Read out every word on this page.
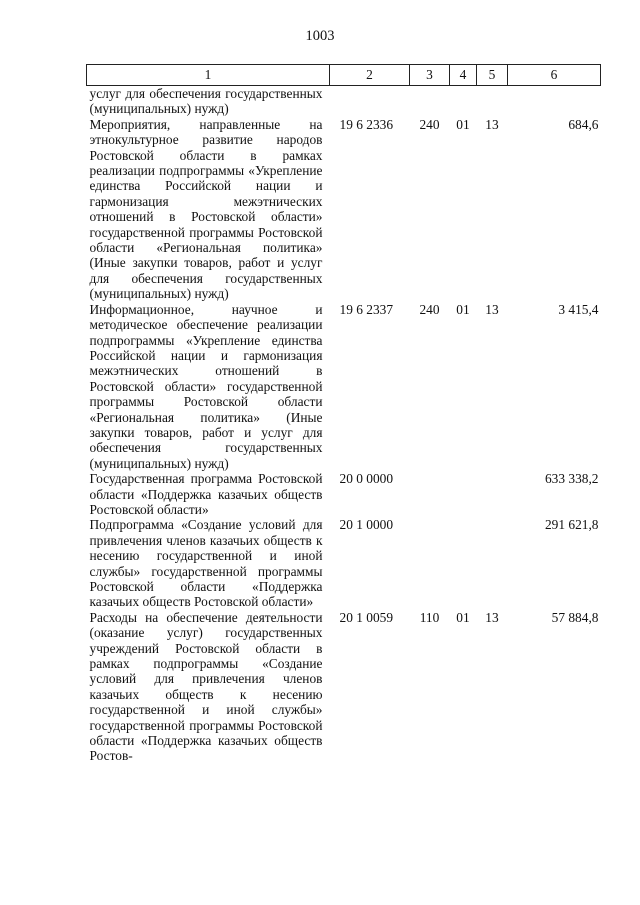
1003
1	2	3	4	5	6
услуг для обеспечения государственных (муниципальных) нужд)					
Мероприятия, направленные на этнокультурное развитие народов Ростовской области в рамках реализации подпрограммы «Укрепление единства Российской нации и гармонизация межэтнических отношений в Ростовской области» государственной программы Ростовской области «Региональная политика» (Иные закупки товаров, работ и услуг для обеспечения государственных (муниципальных) нужд)	19 6 2336	240	01	13	684,6
Информационное, научное и методическое обеспечение реализации подпрограммы «Укрепление единства Российской нации и гармонизация межэтнических отношений в Ростовской области» государственной программы Ростовской области «Региональная политика» (Иные закупки товаров, работ и услуг для обеспечения государственных (муниципальных) нужд)	19 6 2337	240	01	13	3 415,4
Государственная программа Ростовской области «Поддержка казачьих обществ Ростовской области»	20 0 0000				633 338,2
Подпрограмма «Создание условий для привлечения членов казачьих обществ к несению государственной и иной службы» государственной программы Ростовской области «Поддержка казачьих обществ Ростовской области»	20 1 0000				291 621,8
Расходы на обеспечение деятельности (оказание услуг) государственных учреждений Ростовской области в рамках подпрограммы «Создание условий для привлечения членов казачьих обществ к несению государственной и иной службы» государственной программы Ростовской области «Поддержка казачьих обществ Ростов-	20 1 0059	110	01	13	57 884,8
